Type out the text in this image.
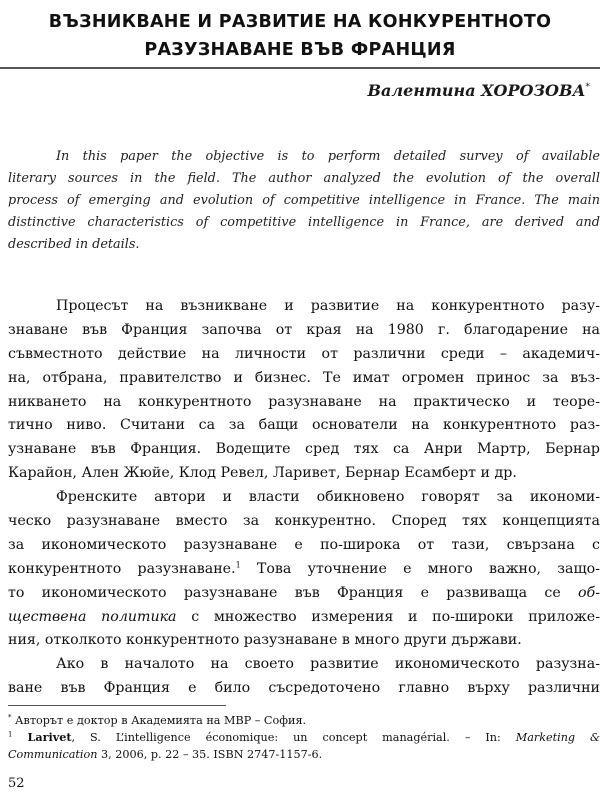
ВЪЗНИКВАНЕ И РАЗВИТИЕ НА КОНКУРЕНТНОТО
РАЗУЗНАВАНЕ ВЪВ ФРАНЦИЯ
Валентина ХОРОЗОВА*
In this paper the objective is to perform detailed survey of available
literary sources in the field. The author analyzed the evolution of the overall
process of emerging and evolution of competitive intelligence in France. The main
distinctive characteristics of competitive intelligence in France, are derived and
described in details.
Процесът на възникване и развитие на конкурентното разу-
знаване във Франция започва от края на 1980 г. благодарение на
съвместното действие на личности от различни среди – академич-
на, отбрана, правителство и бизнес. Те имат огромен принос за въз-
никването на конкурентното разузнаване на практическо и теоре-
тично ниво. Считани са за бащи основатели на конкурентното раз-
узнаване във Франция. Водещите сред тях са Анри Мартр, Бернар
Карайон, Ален Жюйе, Клод Ревел, Ларивет, Бернар Есамберт и др.
Френските автори и власти обикновено говорят за икономи-
ческо разузнаване вместо за конкурентно. Според тях концепцията
за икономическото разузнаване е по-широка от тази, свързана с
конкурентното разузнаване.$^1$ Това уточнение е много важно, защо-
то икономическото разузнаване във Франция е развиваща се об-
ществена политика с множество измерения и по-широки приложе-
ния, отколкото конкурентното разузнаване в много други държави.
Ако в началото на своето развитие икономическото разузна-
ване във Франция е било съсредоточено главно върху различни
* Авторът е доктор в Академията на МВР – София.
$^1$ Larivet, S. L’intelligence économique: un concept managérial. – In: Marketing &
Communication 3, 2006, p. 22 – 35. ISBN 2747-1157-6.
52
